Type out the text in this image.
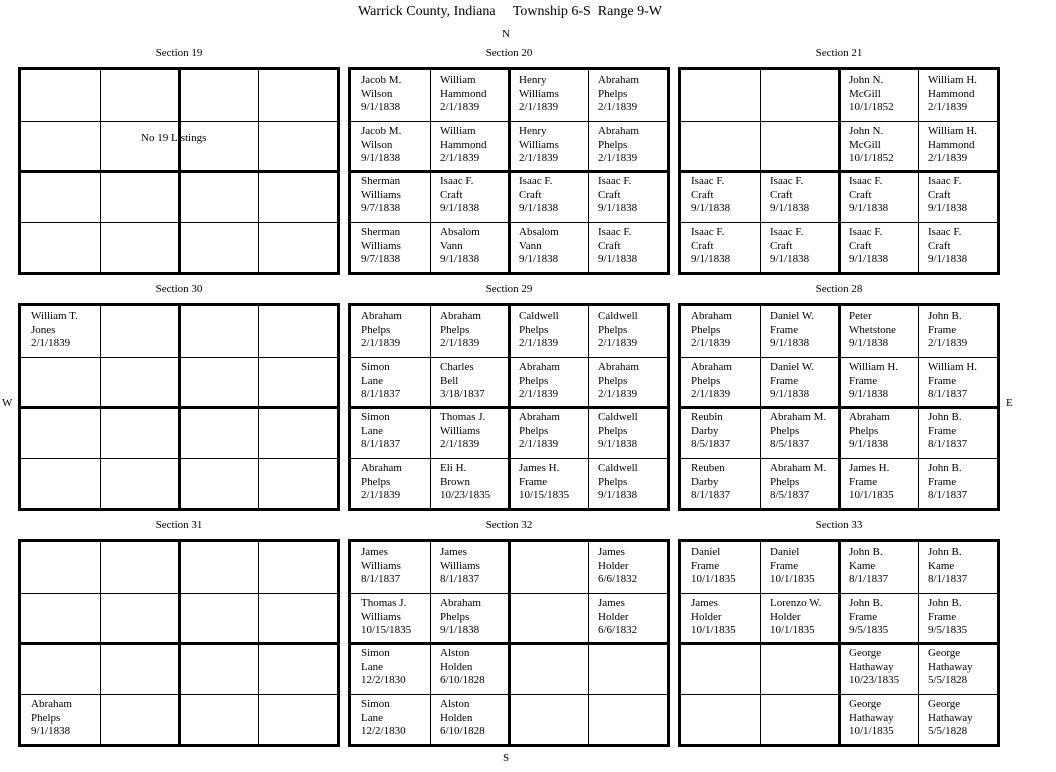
Warrick County, Indiana     Township 6-S  Range 9-W
N
S
W	E
Section 19
No 19 Listings
Section 20
Jacob M.
Wilson
9/1/1838
William
Hammond
2/1/1839
Henry
Williams
2/1/1839
Abraham
Phelps
2/1/1839
Jacob M.
Wilson
9/1/1838
William
Hammond
2/1/1839
Henry
Williams
2/1/1839
Abraham
Phelps
2/1/1839
Sherman
Williams
9/7/1838
Isaac F.
Craft
9/1/1838
Isaac F.
Craft
9/1/1838
Isaac F.
Craft
9/1/1838
Sherman
Williams
9/7/1838
Absalom
Vann
9/1/1838
Absalom
Vann
9/1/1838
Isaac F.
Craft
9/1/1838
Section 21
John N.
McGill
10/1/1852
William H.
Hammond
2/1/1839
John N.
McGill
10/1/1852
William H.
Hammond
2/1/1839
Isaac F.
Craft
9/1/1838
Isaac F.
Craft
9/1/1838
Isaac F.
Craft
9/1/1838
Isaac F.
Craft
9/1/1838
Isaac F.
Craft
9/1/1838
Isaac F.
Craft
9/1/1838
Isaac F.
Craft
9/1/1838
Isaac F.
Craft
9/1/1838
Section 30
William T.
Jones
2/1/1839
Section 29
Abraham
Phelps
2/1/1839
Abraham
Phelps
2/1/1839
Caldwell
Phelps
2/1/1839
Caldwell
Phelps
2/1/1839
Simon
Lane
8/1/1837
Charles
Bell
3/18/1837
Abraham
Phelps
2/1/1839
Abraham
Phelps
2/1/1839
Simon
Lane
8/1/1837
Thomas J.
Williams
2/1/1839
Abraham
Phelps
2/1/1839
Caldwell
Phelps
9/1/1838
Abraham
Phelps
2/1/1839
Eli H.
Brown
10/23/1835
James H.
Frame
10/15/1835
Caldwell
Phelps
9/1/1838
Section 28
Abraham
Phelps
2/1/1839
Daniel W.
Frame
9/1/1838
Peter
Whetstone
9/1/1838
John B.
Frame
2/1/1839
Abraham
Phelps
2/1/1839
Daniel W.
Frame
9/1/1838
William H.
Frame
9/1/1838
William H.
Frame
8/1/1837
Reubin
Darby
8/5/1837
Abraham M.
Phelps
8/5/1837
Abraham
Phelps
9/1/1838
John B.
Frame
8/1/1837
Reuben
Darby
8/1/1837
Abraham M.
Phelps
8/5/1837
James H.
Frame
10/1/1835
John B.
Frame
8/1/1837
Section 31
Abraham
Phelps
9/1/1838
Section 32
James
Williams
8/1/1837
James
Williams
8/1/1837
James
Holder
6/6/1832
Thomas J.
Williams
10/15/1835
Abraham
Phelps
9/1/1838
James
Holder
6/6/1832
Simon
Lane
12/2/1830
Alston
Holden
6/10/1828
Simon
Lane
12/2/1830
Alston
Holden
6/10/1828
Section 33
Daniel
Frame
10/1/1835
Daniel
Frame
10/1/1835
John B.
Kame
8/1/1837
John B.
Kame
8/1/1837
James
Holder
10/1/1835
Lorenzo W.
Holder
10/1/1835
John B.
Frame
9/5/1835
John B.
Frame
9/5/1835
George
Hathaway
10/23/1835
George
Hathaway
5/5/1828
George
Hathaway
10/1/1835
George
Hathaway
5/5/1828
